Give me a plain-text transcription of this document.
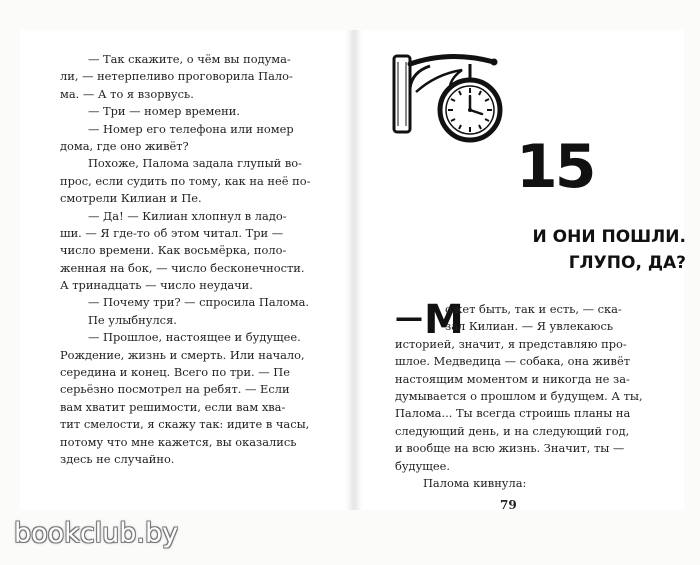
— Так скажите, о чём вы подума-
ли, — нетерпеливо проговорила Пало-
ма. — А то я взорвусь.
— Три — номер времени.
— Номер его телефона или номер
дома, где оно живёт?
Похоже, Палома задала глупый во-
прос, если судить по тому, как на неё по-
смотрели Килиан и Пе.
— Да! — Килиан хлопнул в ладо-
ши. — Я где-то об этом читал. Три —
число времени. Как восьмёрка, поло-
женная на бок, — число бесконечности.
А тринадцать — число неудачи.
— Почему три? — спросила Палома.
Пе улыбнулся.
— Прошлое, настоящее и будущее.
Рождение, жизнь и смерть. Или начало,
середина и конец. Всего по три. — Пе
серьёзно посмотрел на ребят. — Если
вам хватит решимости, если вам хва-
тит смелости, я скажу так: идите в часы,
потому что мне кажется, вы оказались
здесь не случайно.
15
И ОНИ ПОШЛИ.
ГЛУПО, ДА?
—М
ожет быть, так и есть, — ска-
зал Килиан. — Я увлекаюсь
историей, значит, я представляю про-
шлое. Медведица — собака, она живёт
настоящим моментом и никогда не за-
думывается о прошлом и будущем. А ты,
Палома... Ты всегда строишь планы на
следующий день, и на следующий год,
и вообще на всю жизнь. Значит, ты —
будущее.
Палома кивнула:
79
bookclub.by
